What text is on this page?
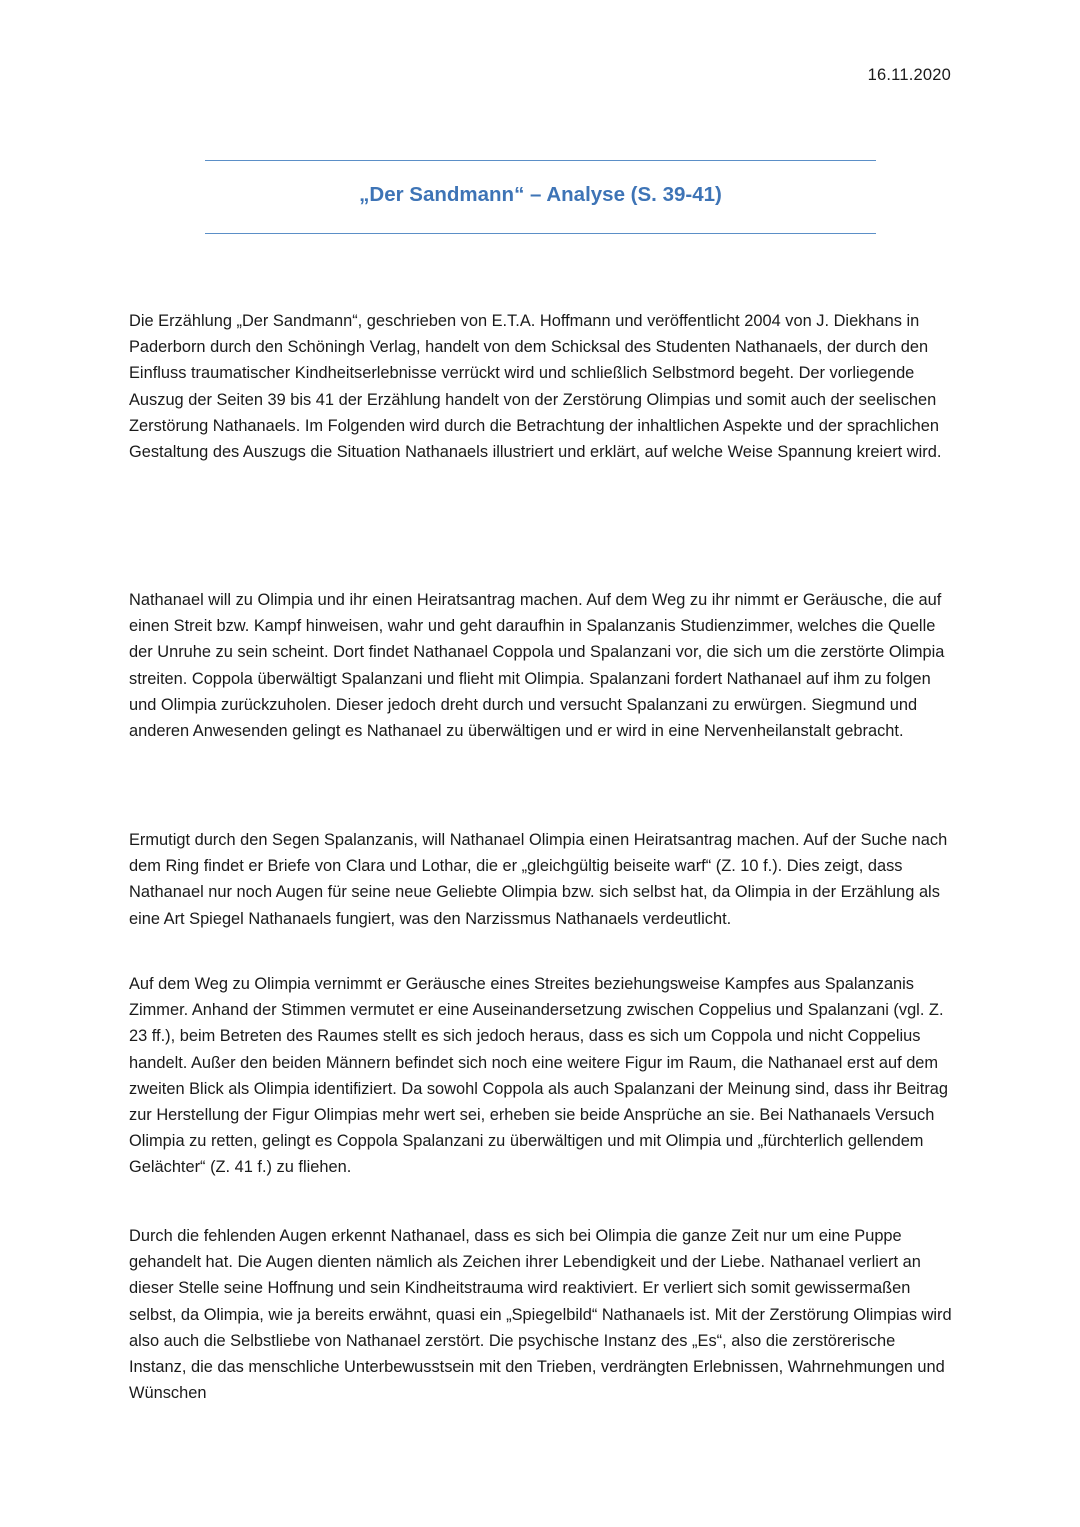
16.11.2020
„Der Sandmann“ – Analyse (S. 39-41)

Die Erzählung „Der Sandmann“, geschrieben von E.T.A. Hoffmann und veröffentlicht 2004 von J. Diekhans in Paderborn durch den Schöningh Verlag, handelt von dem Schicksal des Studenten Nathanaels, der durch den Einfluss traumatischer Kindheitserlebnisse verrückt wird und schließlich Selbstmord begeht. Der vorliegende Auszug der Seiten 39 bis 41 der Erzählung handelt von der Zerstörung Olimpias und somit auch der seelischen Zerstörung Nathanaels. Im Folgenden wird durch die Betrachtung der inhaltlichen Aspekte und der sprachlichen Gestaltung des Auszugs die Situation Nathanaels illustriert und erklärt, auf welche Weise Spannung kreiert wird.

Nathanael will zu Olimpia und ihr einen Heiratsantrag machen. Auf dem Weg zu ihr nimmt er Geräusche, die auf einen Streit bzw. Kampf hinweisen, wahr und geht daraufhin in Spalanzanis Studienzimmer, welches die Quelle der Unruhe zu sein scheint. Dort findet Nathanael Coppola und Spalanzani vor, die sich um die zerstörte Olimpia streiten. Coppola überwältigt Spalanzani und flieht mit Olimpia. Spalanzani fordert Nathanael auf ihm zu folgen und Olimpia zurückzuholen. Dieser jedoch dreht durch und versucht Spalanzani zu erwürgen. Siegmund und anderen Anwesenden gelingt es Nathanael zu überwältigen und er wird in eine Nervenheilanstalt gebracht.

Ermutigt durch den Segen Spalanzanis, will Nathanael Olimpia einen Heiratsantrag machen. Auf der Suche nach dem Ring findet er Briefe von Clara und Lothar, die er „gleichgültig beiseite warf“ (Z. 10 f.). Dies zeigt, dass Nathanael nur noch Augen für seine neue Geliebte Olimpia bzw. sich selbst hat, da Olimpia in der Erzählung als eine Art Spiegel Nathanaels fungiert, was den Narzissmus Nathanaels verdeutlicht.

Auf dem Weg zu Olimpia vernimmt er Geräusche eines Streites beziehungsweise Kampfes aus Spalanzanis Zimmer. Anhand der Stimmen vermutet er eine Auseinandersetzung zwischen Coppelius und Spalanzani (vgl. Z. 23 ff.), beim Betreten des Raumes stellt es sich jedoch heraus, dass es sich um Coppola und nicht Coppelius handelt. Außer den beiden Männern befindet sich noch eine weitere Figur im Raum, die Nathanael erst auf dem zweiten Blick als Olimpia identifiziert. Da sowohl Coppola als auch Spalanzani der Meinung sind, dass ihr Beitrag zur Herstellung der Figur Olimpias mehr wert sei, erheben sie beide Ansprüche an sie. Bei Nathanaels Versuch Olimpia zu retten, gelingt es Coppola Spalanzani zu überwältigen und mit Olimpia und „fürchterlich gellendem Gelächter“ (Z. 41 f.) zu fliehen.

Durch die fehlenden Augen erkennt Nathanael, dass es sich bei Olimpia die ganze Zeit nur um eine Puppe gehandelt hat. Die Augen dienten nämlich als Zeichen ihrer Lebendigkeit und der Liebe. Nathanael verliert an dieser Stelle seine Hoffnung und sein Kindheitstrauma wird reaktiviert. Er verliert sich somit gewissermaßen selbst, da Olimpia, wie ja bereits erwähnt, quasi ein „Spiegelbild“ Nathanaels ist. Mit der Zerstörung Olimpias wird also auch die Selbstliebe von Nathanael zerstört. Die psychische Instanz des „Es“, also die zerstörerische Instanz, die das menschliche Unterbewusstsein mit den Trieben, verdrängten Erlebnissen, Wahrnehmungen und Wünschen
